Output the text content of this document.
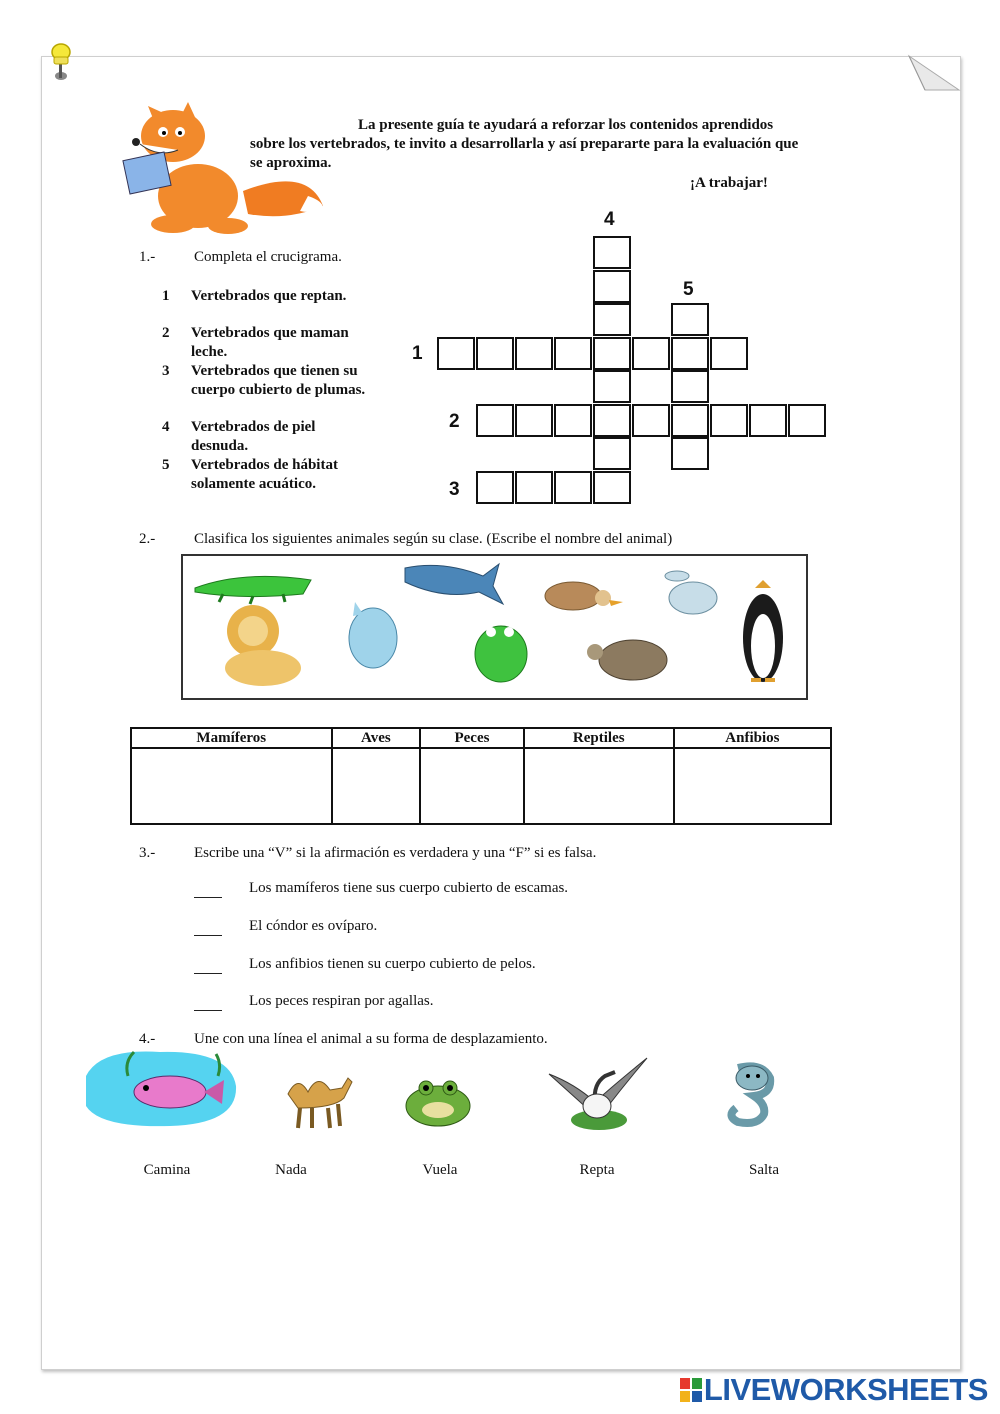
La presente guía te ayudará a reforzar los contenidos aprendidos sobre los vertebrados, te invito a desarrollarla y así prepararte para la evaluación que se aproxima.
¡A trabajar!
1.-	Completa el crucigrama.
1 Vertebrados que reptan.
2 Vertebrados que maman leche.
3 Vertebrados que tienen su cuerpo cubierto de plumas.
4 Vertebrados de piel desnuda.
5 Vertebrados de hábitat solamente acuático.
1
2
3
4
5
2.-	Clasifica los siguientes animales según su clase. (Escribe el nombre del animal)
Mamíferos	Aves	Peces	Reptiles	Anfibios

3.-	Escribe una “V” si la afirmación es verdadera y una “F” si es falsa.
Los mamíferos tiene sus cuerpo cubierto de escamas.
El cóndor es ovíparo.
Los anfibios tienen su cuerpo cubierto de pelos.
Los peces respiran por agallas.
4.-	Une con una línea el animal a su forma de desplazamiento.
Camina	Nada	Vuela	Repta	Salta
LIVEWORKSHEETS
